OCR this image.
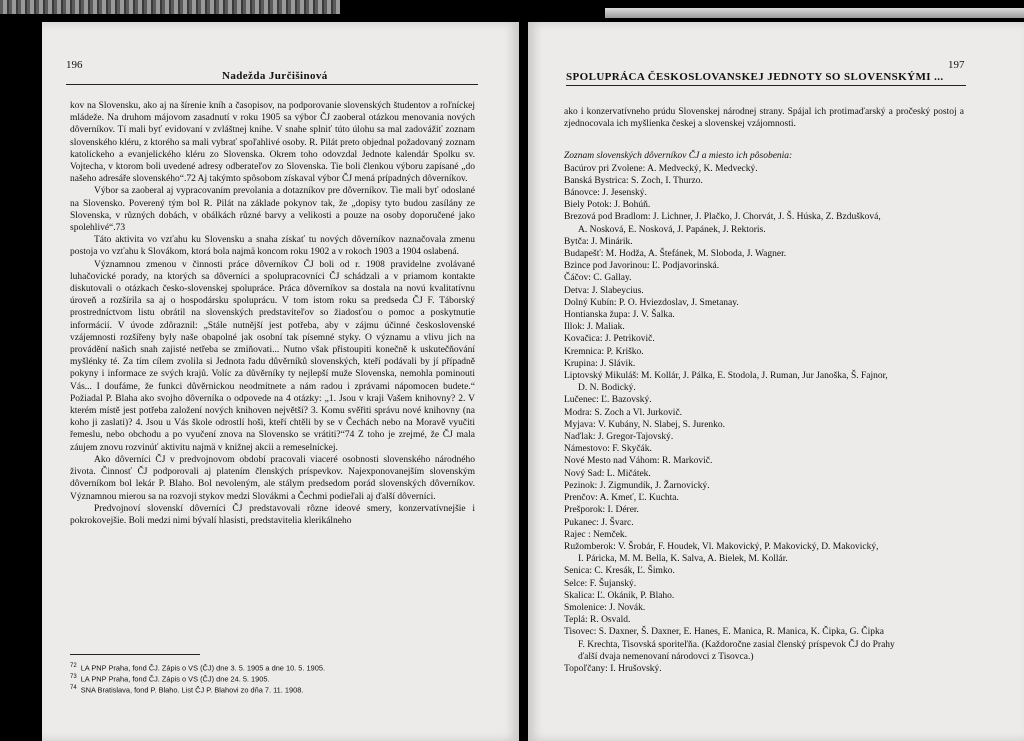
196
Nadežda Jurčišinová

kov na Slovensku, ako aj na šírenie kníh a časopisov, na podporovanie slovenských študentov a roľníckej mládeže. Na druhom májovom zasadnutí v roku 1905 sa výbor ČJ zaoberal otázkou menovania nových dôverníkov. Tí mali byť evidovaní v zvláštnej knihe. V snahe splniť túto úlohu sa mal zadovážiť zoznam slovenského kléru, z ktorého sa mali vybrať spoľahlivé osoby. R. Pilát preto objednal požadovaný zoznam katolíckeho a evanjelického kléru zo Slovenska. Okrem toho odovzdal Jednote kalendár Spolku sv. Vojtecha, v ktorom boli uvedené adresy odberateľov zo Slovenska. Tie boli členkou výboru zapísané „do našeho adresáře slovenského“.72 Aj takýmto spôsobom získaval výbor ČJ mená prípadných dôverníkov.

Výbor sa zaoberal aj vypracovaním prevolania a dotazníkov pre dôverníkov. Tie mali byť odoslané na Slovensko. Poverený tým bol R. Pilát na základe pokynov tak, že „dopisy tyto budou zasílány ze Slovenska, v různých dobách, v obálkách různé barvy a velikosti a pouze na osoby doporučené jako spolehlivé“.73

Táto aktivita vo vzťahu ku Slovensku a snaha získať tu nových dôverníkov naznačovala zmenu postoja vo vzťahu k Slovákom, ktorá bola najmä koncom roku 1902 a v rokoch 1903 a 1904 oslabená.

Významnou zmenou v činnosti práce dôverníkov ČJ boli od r. 1908 pravidelne zvolávané luhačovické porady, na ktorých sa dôverníci a spolupracovníci ČJ schádzali a v priamom kontakte diskutovali o otázkach česko-slovenskej spolupráce. Práca dôverníkov sa dostala na novú kvalitatívnu úroveň a rozšírila sa aj o hospodársku spoluprácu. V tom istom roku sa predseda ČJ F. Táborský prostredníctvom listu obrátil na slovenských predstaviteľov so žiadosťou o pomoc a poskytnutie informácií. V úvode zdôraznil: „Stále nutnější jest potřeba, aby v zájmu účinné československé vzájemnosti rozšířeny byly naše obapolné jak osobní tak písemné styky. O významu a vlivu jich na provádění našich snah zajisté netřeba se zmiňovati... Nutno však přistoupiti konečně k uskutečňování myšlénky té. Za tím cílem zvolila si Jednota řadu důvěrníků slovenských, kteří podávali by jí případně pokyny i informace ze svých krajů. Volíc za důvěrníky ty nejlepší muže Slovenska, nemohla pominouti Vás... I doufáme, že funkci důvěrnickou neodmítnete a nám radou i zprávami nápomocen budete.“ Požiadal P. Blaha ako svojho dôverníka o odpovede na 4 otázky: „1. Jsou v kraji Vašem knihovny? 2. V kterém místě jest potřeba založení nových knihoven největší? 3. Komu svěřiti správu nové knihovny (na koho ji zaslati)? 4. Jsou u Vás škole odrostlí hoši, kteří chtěli by se v Čechách nebo na Moravě vyučiti řemeslu, nebo obchodu a po vyučení znova na Slovensko se vrátiti?“74 Z toho je zrejmé, že ČJ mala záujem znovu rozvinúť aktivitu najmä v knižnej akcii a remeselníckej.

Ako dôverníci ČJ v predvojnovom období pracovali viaceré osobnosti slovenského národného života. Činnosť ČJ podporovali aj platením členských príspevkov. Najexponovanejším slovenským dôverníkom bol lekár P. Blaho. Bol nevoleným, ale stálym predsedom porád slovenských dôverníkov. Významnou mierou sa na rozvoji stykov medzi Slovákmi a Čechmi podieľali aj ďalší dôverníci.

Predvojnoví slovenskí dôverníci ČJ predstavovali rôzne ideové smery, konzervatívnejšie i pokrokovejšie. Boli medzi nimi bývalí hlasisti, predstavitelia klerikálneho

$^{72}$ LA PNP Praha, fond ČJ. Zápis o VS (ČJ) dne 3. 5. 1905 a dne 10. 5. 1905.
$^{73}$ LA PNP Praha, fond ČJ. Zápis o VS (ČJ) dne 24. 5. 1905.
$^{74}$ SNA Bratislava, fond P. Blaho. List ČJ P. Blahovi zo dňa 7. 11. 1908.
197
SPOLUPRÁCA ČESKOSLOVANSKEJ JEDNOTY SO SLOVENSKÝMI ...

ako i konzervatívneho prúdu Slovenskej národnej strany. Spájal ich protimaďarský a pročeský postoj a zjednocovala ich myšlienka českej a slovenskej vzájomnosti.

Zoznam slovenských dôverníkov ČJ a miesto ich pôsobenia:

Bacúrov pri Zvolene: A. Medvecký, K. Medvecký.

Banská Bystrica: S. Zoch, I. Thurzo.

Bánovce: J. Jesenský.

Biely Potok: J. Bohúň.

Brezová pod Bradlom: J. Lichner, J. Plačko, J. Chorvát, J. Š. Húska, Z. Bzdušková,

A. Nosková, E. Nosková, J. Papánek, J. Rektoris.

Bytča: J. Minárik.

Budapešť: M. Hodža, A. Štefánek, M. Sloboda, J. Wagner.

Bzince pod Javorinou: Ľ. Podjavorinská.

Čáčov: C. Gallay.

Detva: J. Slabeycius.

Dolný Kubín: P. O. Hviezdoslav, J. Smetanay.

Hontianska župa: J. V. Šalka.

Illok: J. Maliak.

Kovačica: J. Petrikovič.

Kremnica: P. Kriško.

Krupina: J. Slávik.

Liptovský Mikuláš: M. Kollár, J. Pálka, E. Stodola, J. Ruman, Jur Janoška, Š. Fajnor,

D. N. Bodický.

Lučenec: Ľ. Bazovský.

Modra: S. Zoch a Vl. Jurkovič.

Myjava: V. Kubány, N. Slabej, S. Jurenko.

Naďlak: J. Gregor-Tajovský.

Námestovo: F. Skyčák.

Nové Mesto nad Váhom: R. Markovič.

Nový Sad: L. Mičátek.

Pezinok: J. Zigmundík, J. Žarnovický.

Prenčov: A. Kmeť, Ľ. Kuchta.

Prešporok: I. Dérer.

Pukanec: J. Švarc.

Rajec : Nemček.

Ružomberok: V. Šrobár, F. Houdek, Vl. Makovický, P. Makovický, D. Makovický,

I. Páricka, M. M. Bella, K. Salva, A. Bielek, M. Kollár.

Senica: C. Kresák, Ľ. Šimko.

Selce: F. Šujanský.

Skalica: Ľ. Okánik, P. Blaho.

Smolenice: J. Novák.

Teplá: R. Osvald.

Tisovec: S. Daxner, Š. Daxner, E. Hanes, E. Manica, R. Manica, K. Čipka, G. Čipka

F. Krechta, Tisovská sporiteľňa. (Každoročne zasial členský príspevok ČJ do Prahy

ďalší dvaja nemenovaní národovci z Tisovca.)

Topoľčany: I. Hrušovský.
